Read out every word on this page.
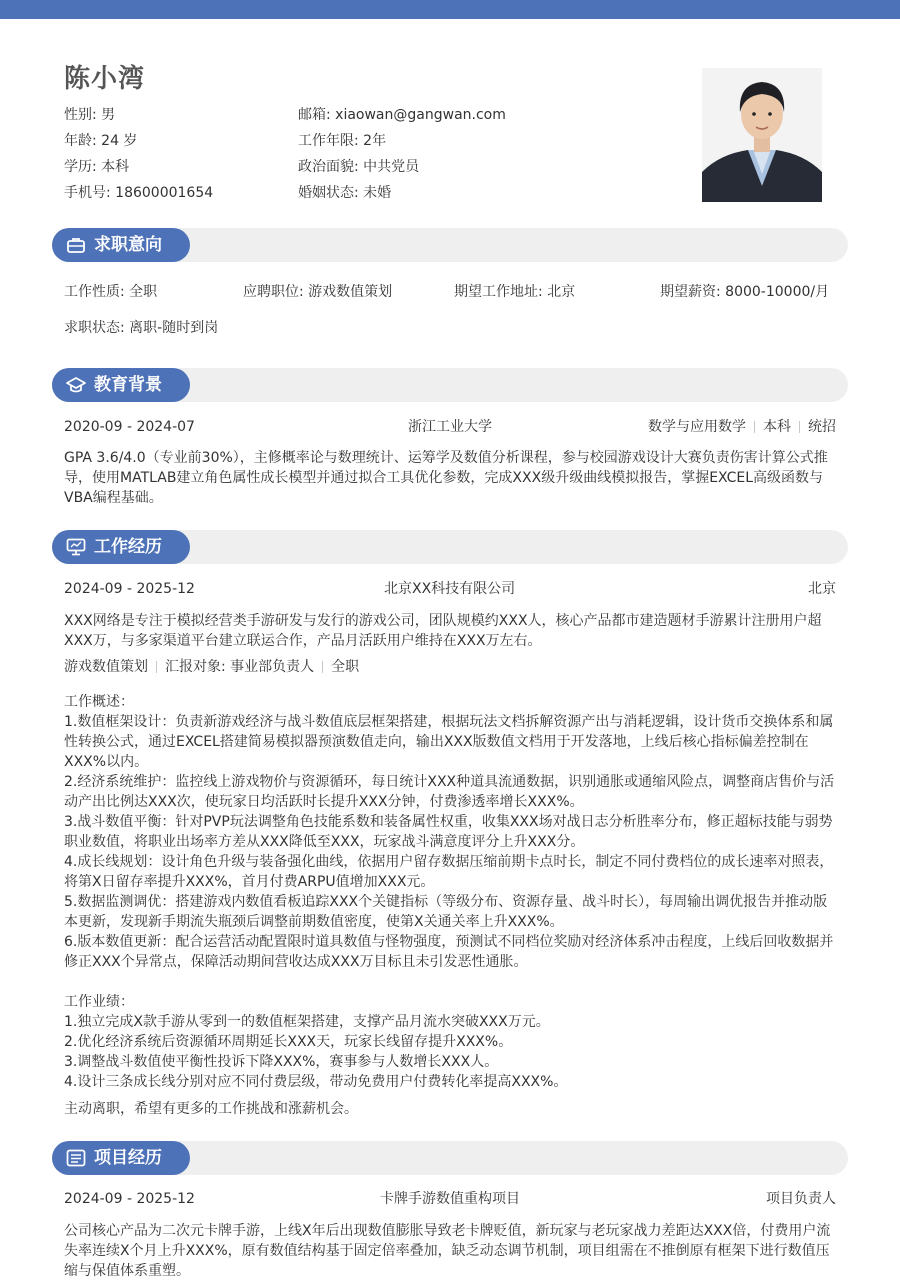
陈小湾
性别: 男	邮箱: xiaowan@gangwan.com
年龄: 24 岁	工作年限: 2年
学历: 本科	政治面貌: 中共党员
手机号: 18600001654	婚姻状态: 未婚
求职意向
工作性质: 全职	应聘职位: 游戏数值策划	期望工作地址: 北京	期望薪资: 8000-10000/月
求职状态: 离职-随时到岗
教育背景
2020-09 - 2024-07	浙江工业大学	数学与应用数学 本科 统招
GPA 3.6/4.0（专业前30%），主修概率论与数理统计、运筹学及数值分析课程，参与校园游戏设计大赛负责伤害计算公式推导，使用MATLAB建立角色属性成长模型并通过拟合工具优化参数，完成XXX级升级曲线模拟报告，掌握EXCEL高级函数与VBA编程基础。
工作经历
2024-09 - 2025-12	北京XX科技有限公司	北京
XXX网络是专注于模拟经营类手游研发与发行的游戏公司，团队规模约XXX人，核心产品都市建造题材手游累计注册用户超XXX万，与多家渠道平台建立联运合作，产品月活跃用户维持在XXX万左右。
游戏数值策划 汇报对象: 事业部负责人 全职
工作概述：
1.数值框架设计：负责新游戏经济与战斗数值底层框架搭建，根据玩法文档拆解资源产出与消耗逻辑，设计货币交换体系和属性转换公式，通过EXCEL搭建简易模拟器预演数值走向，输出XXX版数值文档用于开发落地，上线后核心指标偏差控制在XXX%以内。
2.经济系统维护：监控线上游戏物价与资源循环，每日统计XXX种道具流通数据，识别通胀或通缩风险点，调整商店售价与活动产出比例达XXX次，使玩家日均活跃时长提升XXX分钟，付费渗透率增长XXX%。
3.战斗数值平衡：针对PVP玩法调整角色技能系数和装备属性权重，收集XXX场对战日志分析胜率分布，修正超标技能与弱势职业数值，将职业出场率方差从XXX降低至XXX，玩家战斗满意度评分上升XXX分。
4.成长线规划：设计角色升级与装备强化曲线，依据用户留存数据压缩前期卡点时长，制定不同付费档位的成长速率对照表，将第X日留存率提升XXX%，首月付费ARPU值增加XXX元。
5.数据监测调优：搭建游戏内数值看板追踪XXX个关键指标（等级分布、资源存量、战斗时长），每周输出调优报告并推动版本更新，发现新手期流失瓶颈后调整前期数值密度，使第X关通关率上升XXX%。
6.版本数值更新：配合运营活动配置限时道具数值与怪物强度，预测试不同档位奖励对经济体系冲击程度，上线后回收数据并修正XXX个异常点，保障活动期间营收达成XXX万目标且未引发恶性通胀。
工作业绩：
1.独立完成X款手游从零到一的数值框架搭建，支撑产品月流水突破XXX万元。
2.优化经济系统后资源循环周期延长XXX天，玩家长线留存提升XXX%。
3.调整战斗数值使平衡性投诉下降XXX%，赛事参与人数增长XXX人。
4.设计三条成长线分别对应不同付费层级，带动免费用户付费转化率提高XXX%。
主动离职，希望有更多的工作挑战和涨薪机会。
项目经历
2024-09 - 2025-12	卡牌手游数值重构项目	项目负责人
公司核心产品为二次元卡牌手游，上线X年后出现数值膨胀导致老卡牌贬值，新玩家与老玩家战力差距达XXX倍，付费用户流失率连续X个月上升XXX%，原有数值结构基于固定倍率叠加，缺乏动态调节机制，项目组需在不推倒原有框架下进行数值压缩与保值体系重塑。
